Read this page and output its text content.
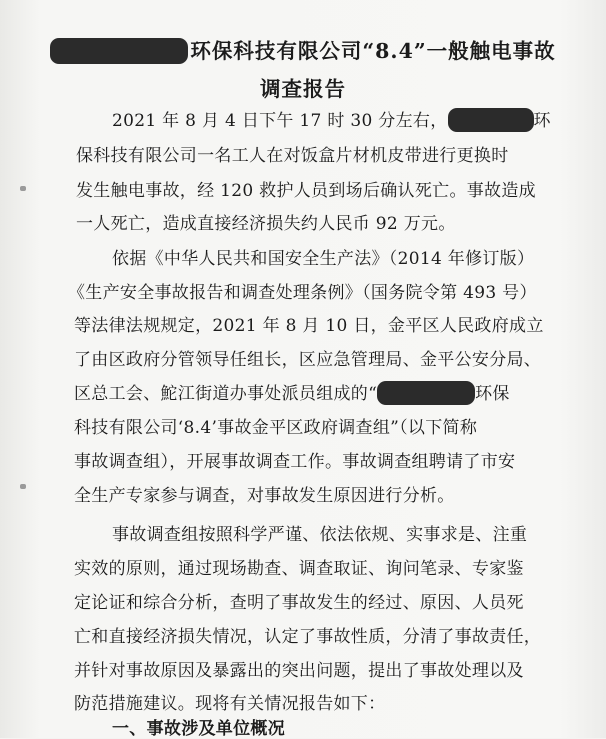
环保科技有限公司“8.4”一般触电事故
调查报告
2021 年 8 月 4 日下午 17 时 30 分左右，	环
保科技有限公司一名工人在对饭盒片材机皮带进行更换时
发生触电事故，经 120 救护人员到场后确认死亡。事故造成
一人死亡，造成直接经济损失约人民币 92 万元。
依据《中华人民共和国安全生产法》（2014 年修订版）
《生产安全事故报告和调查处理条例》（国务院令第 493 号）
等法律法规规定，2021 年 8 月 10 日，金平区人民政府成立
了由区政府分管领导任组长，区应急管理局、金平公安分局、
区总工会、鮀江街道办事处派员组成的“	环保
科技有限公司‘8.4’事故金平区政府调查组”（以下简称
事故调查组），开展事故调查工作。事故调查组聘请了市安
全生产专家参与调查，对事故发生原因进行分析。
事故调查组按照科学严谨、依法依规、实事求是、注重
实效的原则，通过现场勘查、调查取证、询问笔录、专家鉴
定论证和综合分析，查明了事故发生的经过、原因、人员死
亡和直接经济损失情况，认定了事故性质，分清了事故责任，
并针对事故原因及暴露出的突出问题，提出了事故处理以及
防范措施建议。现将有关情况报告如下：
一、事故涉及单位概况
